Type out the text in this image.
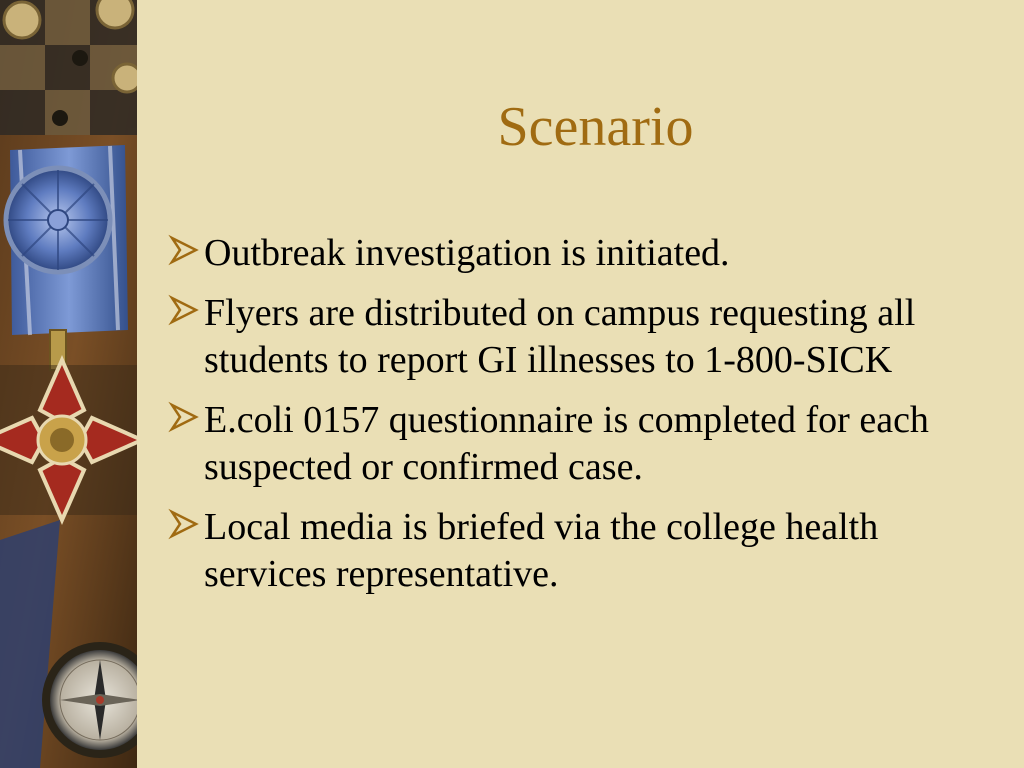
Scenario
Outbreak investigation is initiated.
Flyers are distributed on campus requesting all students to report GI illnesses to 1-800-SICK
E.coli 0157 questionnaire is completed for each suspected or confirmed case.
Local media is briefed via the college health services representative.
